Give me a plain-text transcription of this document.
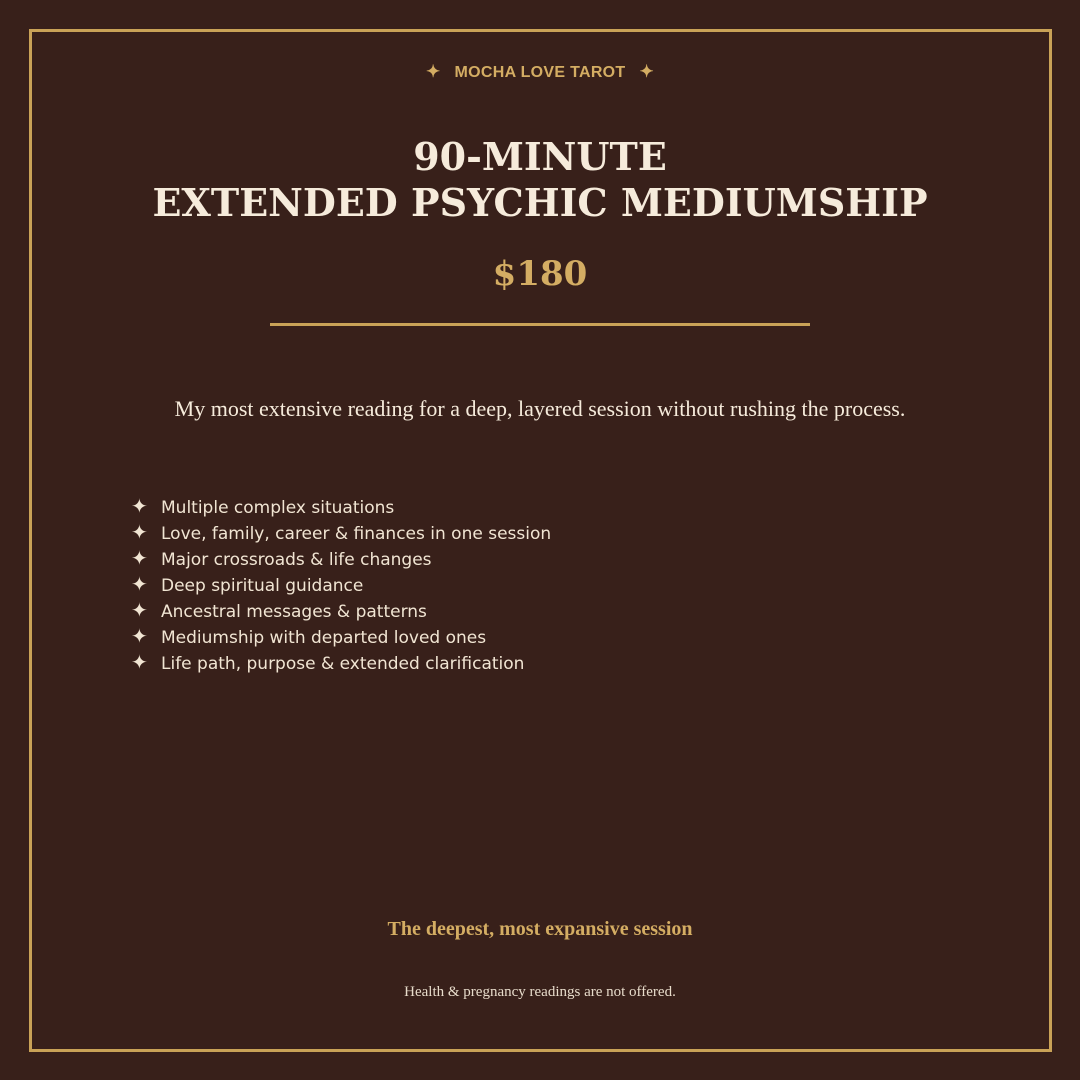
✦ MOCHA LOVE TAROT ✦
90-MINUTE
EXTENDED PSYCHIC MEDIUMSHIP
$180
My most extensive reading for a deep, layered session without rushing the process.
✦ Multiple complex situations
✦ Love, family, career & finances in one session
✦ Major crossroads & life changes
✦ Deep spiritual guidance
✦ Ancestral messages & patterns
✦ Mediumship with departed loved ones
✦ Life path, purpose & extended clarification
The deepest, most expansive session
Health & pregnancy readings are not offered.
